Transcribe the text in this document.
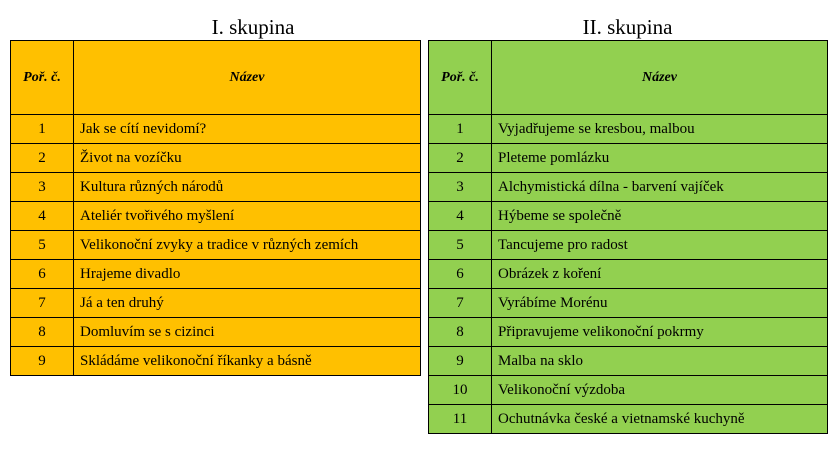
I. skupina	II. skupina
Poř. č.	Název
1	Jak se cítí nevidomí?
2	Život na vozíčku
3	Kultura různých národů
4	Ateliér tvořivého myšlení
5	Velikonoční zvyky a tradice v různých zemích
6	Hrajeme divadlo
7	Já a ten druhý
8	Domluvím se s cizinci
9	Skládáme velikonoční říkanky a básně
Poř. č.	Název
1	Vyjadřujeme se kresbou, malbou
2	Pleteme pomlázku
3	Alchymistická dílna - barvení vajíček
4	Hýbeme se společně
5	Tancujeme pro radost
6	Obrázek z koření
7	Vyrábíme Morénu
8	Připravujeme velikonoční pokrmy
9	Malba na sklo
10	Velikonoční výzdoba
11	Ochutnávka české a vietnamské kuchyně
